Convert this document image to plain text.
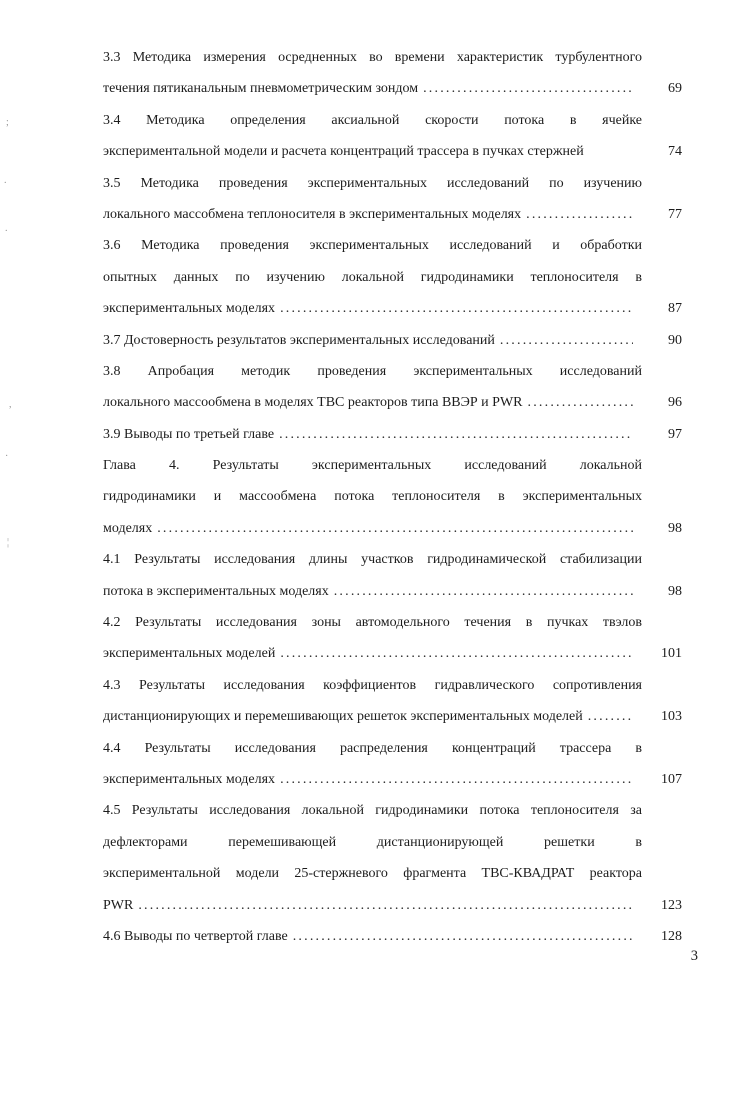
3.3 Методика измерения осредненных во времени характеристик турбулентного
течения пятиканальным пневмометрическим зондом .....	69
3.4 Методика определения аксиальной скорости потока в ячейке
экспериментальной модели и расчета концентраций трассера в пучках стержней	74
3.5 Методика проведения экспериментальных исследований по изучению
локального массобмена теплоносителя в экспериментальных моделях .....	77
3.6 Методика проведения экспериментальных исследований и обработки
опытных данных по изучению локальной гидродинамики теплоносителя в
экспериментальных моделях .....	87
3.7 Достоверность результатов экспериментальных исследований .....	90
3.8 Апробация методик проведения экспериментальных исследований
локального массообмена в моделях ТВС реакторов типа ВВЭР и PWR .....	96
3.9 Выводы по третьей главе .....	97
Глава 4. Результаты экспериментальных исследований локальной
гидродинамики и массообмена потока теплоносителя в экспериментальных
моделях .....	98
4.1 Результаты исследования длины участков гидродинамической стабилизации
потока в экспериментальных моделях .....	98
4.2 Результаты исследования зоны автомодельного течения в пучках твэлов
экспериментальных моделей .....	101
4.3 Результаты исследования коэффициентов гидравлического сопротивления
дистанционирующих и перемешивающих решеток экспериментальных моделей .....	103
4.4 Результаты исследования распределения концентраций трассера в
экспериментальных моделях .....	107
4.5 Результаты исследования локальной гидродинамики потока теплоносителя за
дефлекторами перемешивающей дистанционирующей решетки в
экспериментальной модели 25-стержневого фрагмента ТВС-КВАДРАТ реактора
PWR .....	123
4.6 Выводы по четвертой главе .....	128
3
;
.
.
,
·
¦
